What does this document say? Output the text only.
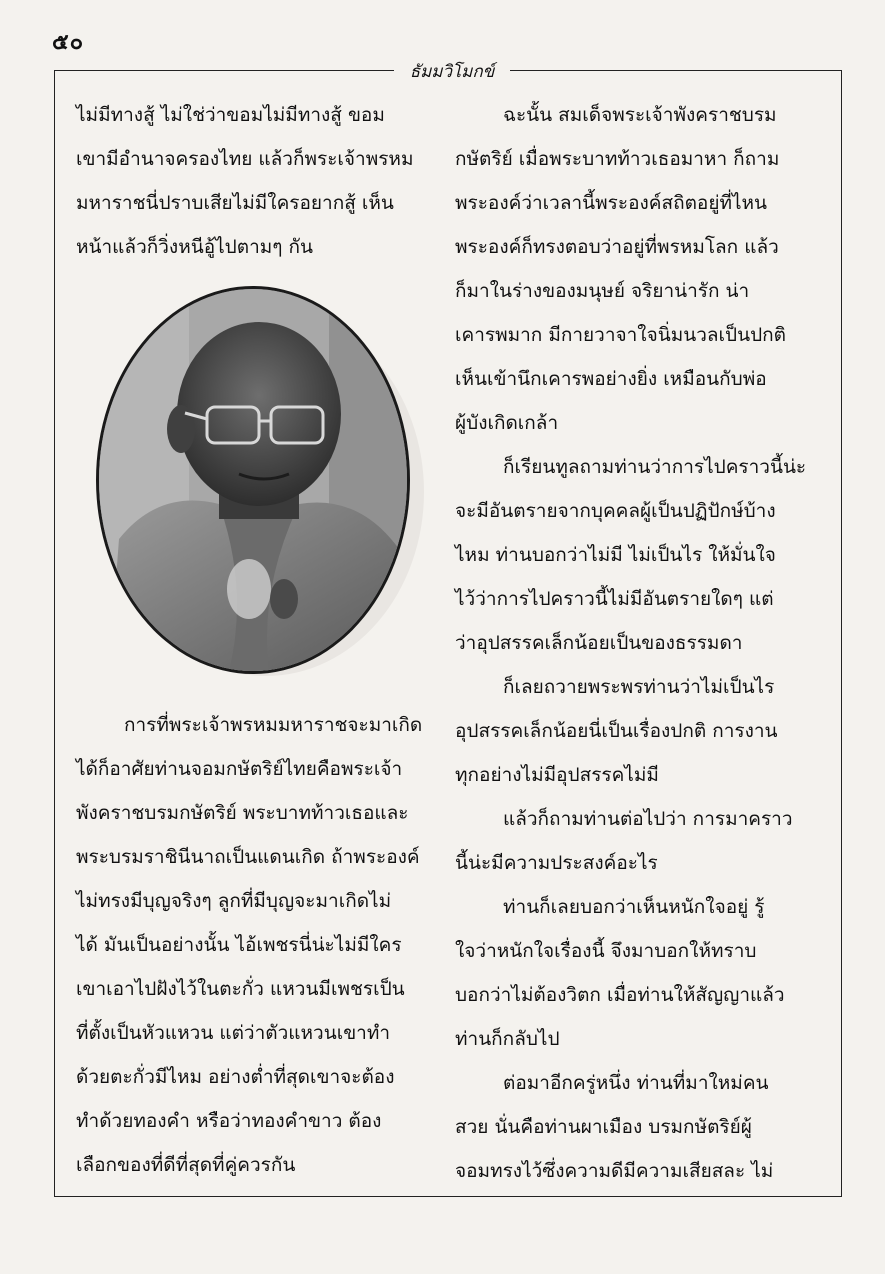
๕๐
ธัมมวิโมกข์
ไม่มีทางสู้ ไม่ใช่ว่าขอมไม่มีทางสู้ ขอม
เขามีอำนาจครองไทย แล้วก็พระเจ้าพรหม
มหาราชนี่ปราบเสียไม่มีใครอยากสู้ เห็น
หน้าแล้วก็วิ่งหนีอู้ไปตามๆ กัน
การที่พระเจ้าพรหมมหาราชจะมาเกิด
ได้ก็อาศัยท่านจอมกษัตริย์ไทยคือพระเจ้า
พังคราชบรมกษัตริย์ พระบาทท้าวเธอและ
พระบรมราชินีนาถเป็นแดนเกิด ถ้าพระองค์
ไม่ทรงมีบุญจริงๆ ลูกที่มีบุญจะมาเกิดไม่
ได้ มันเป็นอย่างนั้น ไอ้เพชรนี่น่ะไม่มีใคร
เขาเอาไปฝังไว้ในตะกั่ว แหวนมีเพชรเป็น
ที่ตั้งเป็นหัวแหวน แต่ว่าตัวแหวนเขาทำ
ด้วยตะกั่วมีไหม อย่างต่ำที่สุดเขาจะต้อง
ทำด้วยทองคำ หรือว่าทองคำขาว ต้อง
เลือกของที่ดีที่สุดที่คู่ควรกัน
ฉะนั้น สมเด็จพระเจ้าพังคราชบรม
กษัตริย์ เมื่อพระบาทท้าวเธอมาหา ก็ถาม
พระองค์ว่าเวลานี้พระองค์สถิตอยู่ที่ไหน
พระองค์ก็ทรงตอบว่าอยู่ที่พรหมโลก แล้ว
ก็มาในร่างของมนุษย์ จริยาน่ารัก น่า
เคารพมาก มีกายวาจาใจนิ่มนวลเป็นปกติ
เห็นเข้านึกเคารพอย่างยิ่ง เหมือนกับพ่อ
ผู้บังเกิดเกล้า
ก็เรียนทูลถามท่านว่าการไปคราวนี้น่ะ
จะมีอันตรายจากบุคคลผู้เป็นปฏิปักษ์บ้าง
ไหม ท่านบอกว่าไม่มี ไม่เป็นไร ให้มั่นใจ
ไว้ว่าการไปคราวนี้ไม่มีอันตรายใดๆ แต่
ว่าอุปสรรคเล็กน้อยเป็นของธรรมดา
ก็เลยถวายพระพรท่านว่าไม่เป็นไร
อุปสรรคเล็กน้อยนี่เป็นเรื่องปกติ การงาน
ทุกอย่างไม่มีอุปสรรคไม่มี
แล้วก็ถามท่านต่อไปว่า การมาคราว
นี้น่ะมีความประสงค์อะไร
ท่านก็เลยบอกว่าเห็นหนักใจอยู่ รู้
ใจว่าหนักใจเรื่องนี้ จึงมาบอกให้ทราบ
บอกว่าไม่ต้องวิตก เมื่อท่านให้สัญญาแล้ว
ท่านก็กลับไป
ต่อมาอีกครู่หนึ่ง ท่านที่มาใหม่คน
สวย นั่นคือท่านผาเมือง บรมกษัตริย์ผู้
จอมทรงไว้ซึ่งความดีมีความเสียสละ ไม่
